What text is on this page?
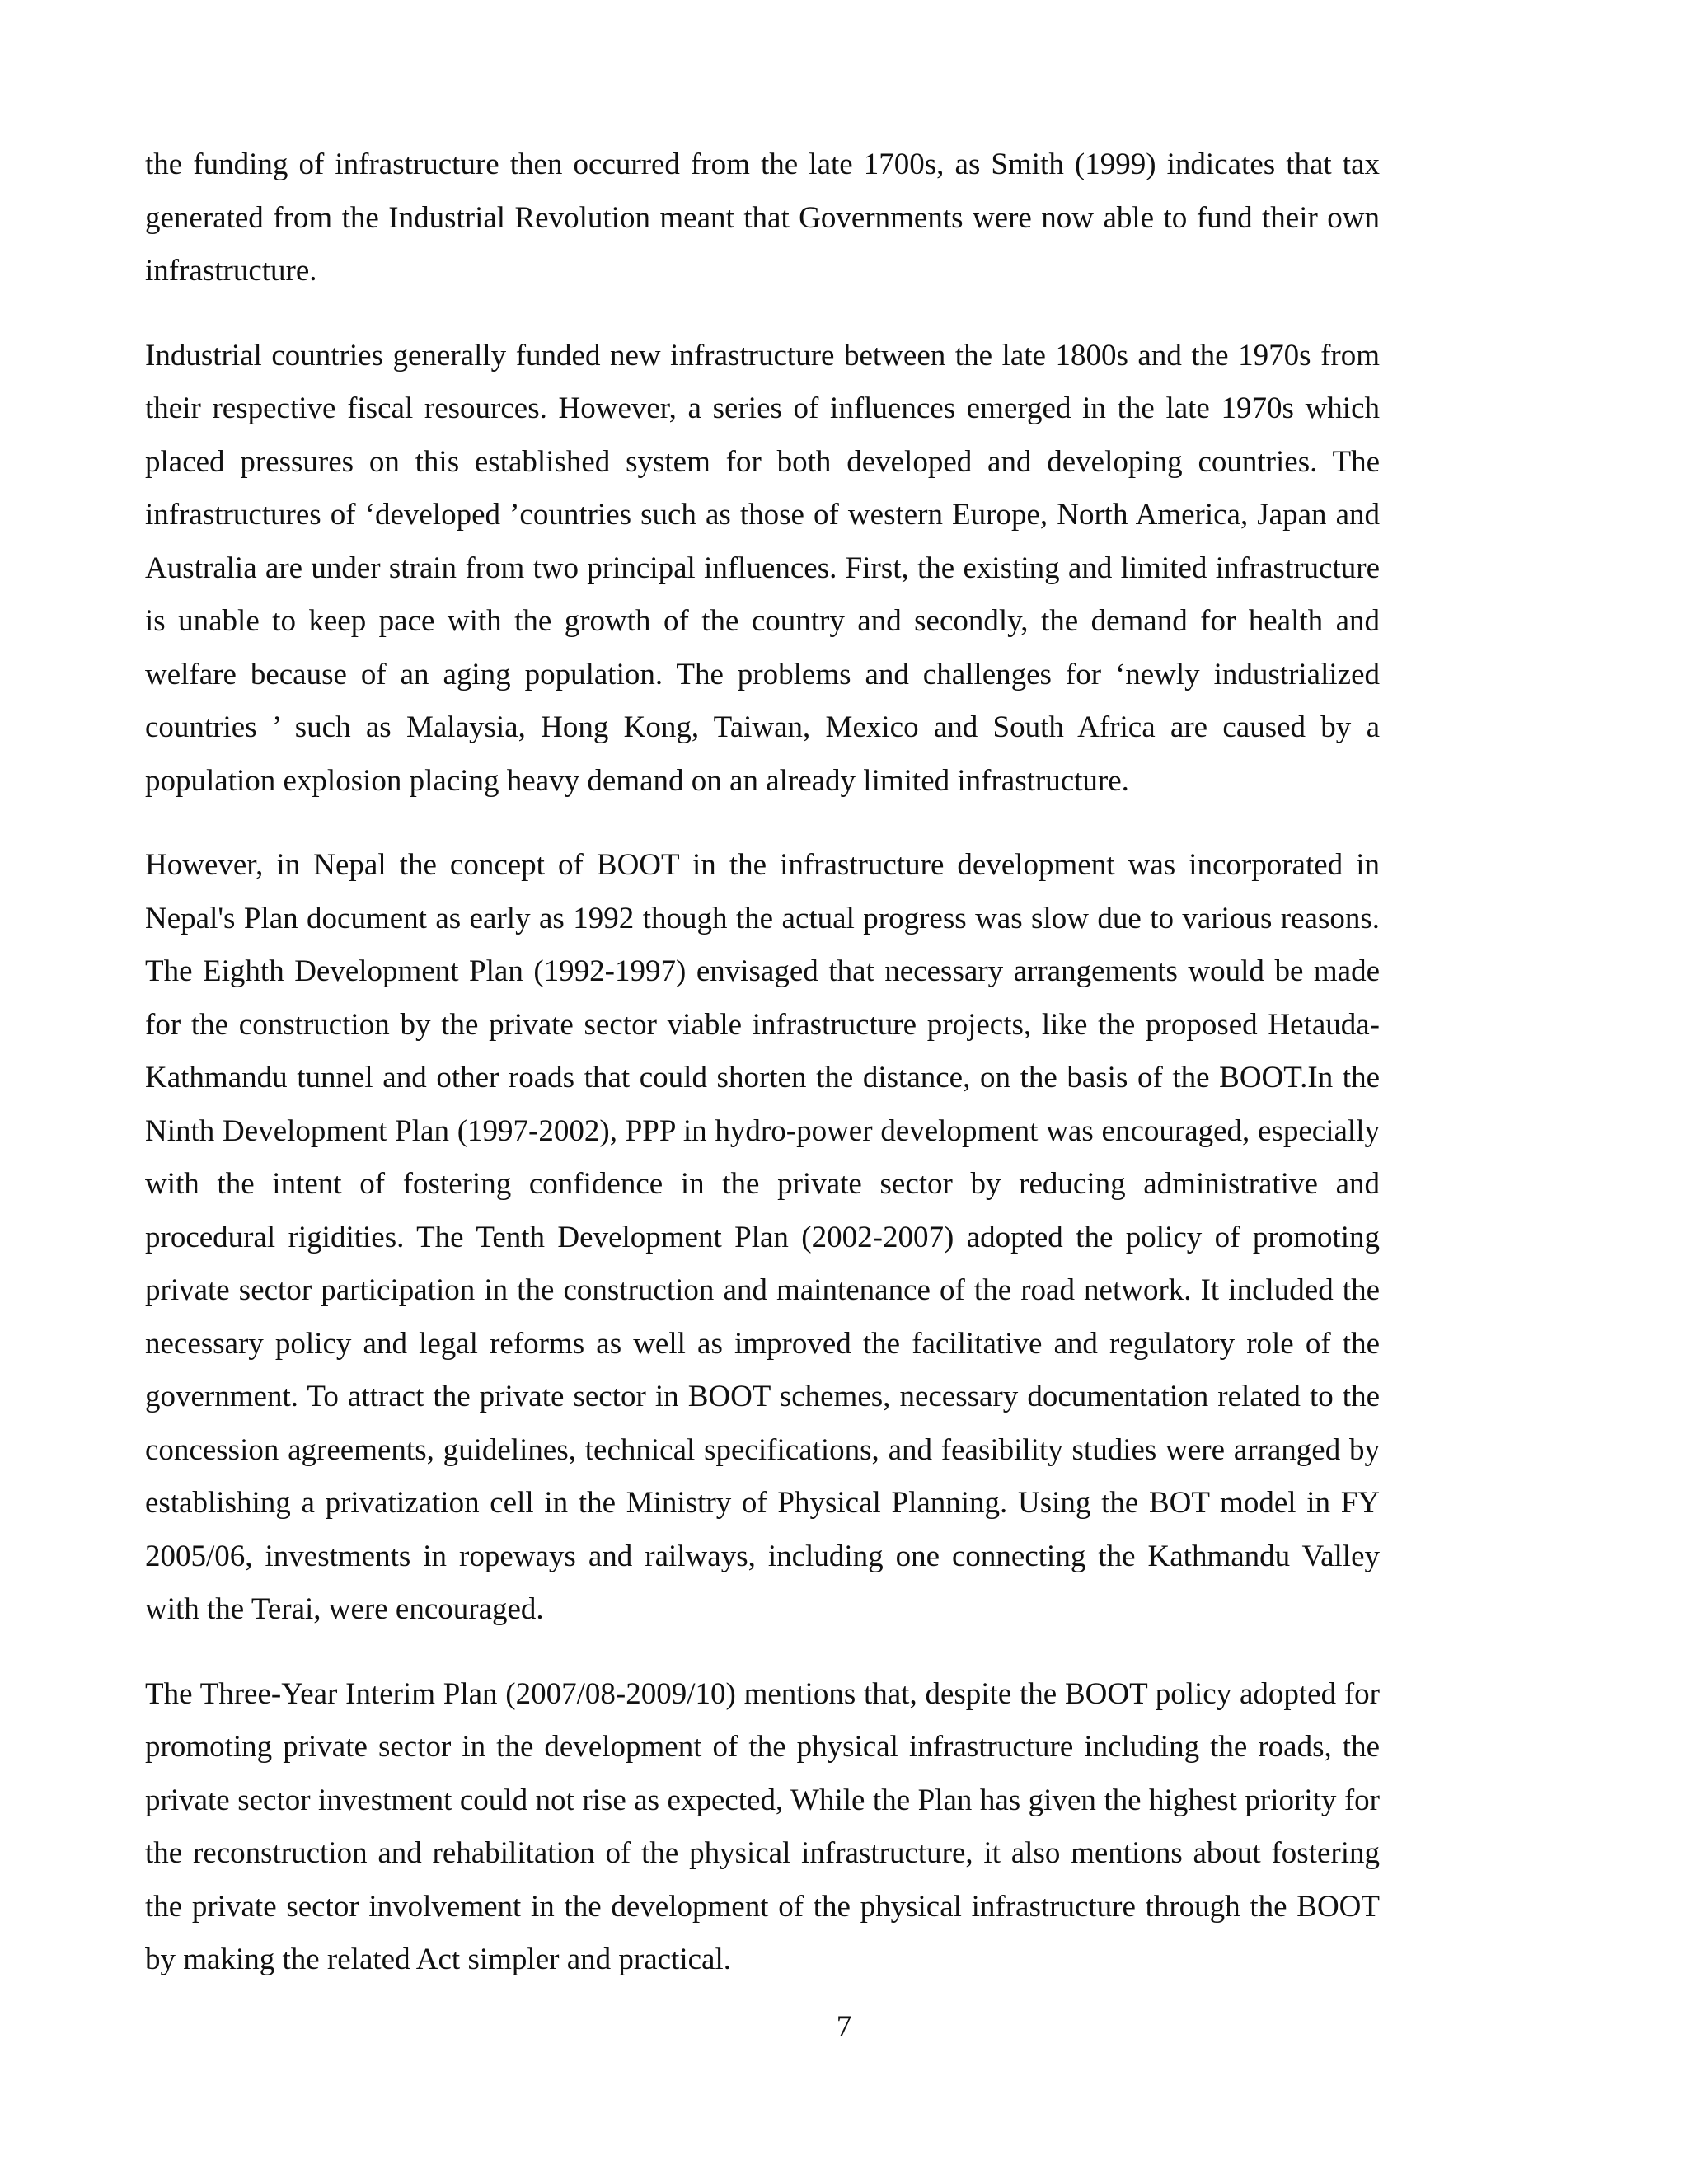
the funding of infrastructure then occurred from the late 1700s, as Smith (1999) indicates that tax generated from the Industrial Revolution meant that Governments were now able to fund their own infrastructure.

Industrial countries generally funded new infrastructure between the late 1800s and the 1970s from their respective fiscal resources. However, a series of influences emerged in the late 1970s which placed pressures on this established system for both developed and developing countries. The infrastructures of ‘developed ’countries such as those of western Europe, North America, Japan and Australia are under strain from two principal influences. First, the existing and limited infrastructure is unable to keep pace with the growth of the country and secondly, the demand for health and welfare because of an aging population. The problems and challenges for ‘newly industrialized countries ’ such as Malaysia, Hong Kong, Taiwan, Mexico and South Africa are caused by a population explosion placing heavy demand on an already limited infrastructure.

However, in Nepal the concept of BOOT in the infrastructure development was incorporated in Nepal's Plan document as early as 1992 though the actual progress was slow due to various reasons. The Eighth Development Plan (1992-1997) envisaged that necessary arrangements would be made for the construction by the private sector viable infrastructure projects, like the proposed Hetauda-Kathmandu tunnel and other roads that could shorten the distance, on the basis of the BOOT.In the Ninth Development Plan (1997-2002), PPP in hydro-power development was encouraged, especially with the intent of fostering confidence in the private sector by reducing administrative and procedural rigidities. The Tenth Development Plan (2002-2007) adopted the policy of promoting private sector participation in the construction and maintenance of the road network. It included the necessary policy and legal reforms as well as improved the facilitative and regulatory role of the government. To attract the private sector in BOOT schemes, necessary documentation related to the concession agreements, guidelines, technical specifications, and feasibility studies were arranged by establishing a privatization cell in the Ministry of Physical Planning. Using the BOT model in FY 2005/06, investments in ropeways and railways, including one connecting the Kathmandu Valley with the Terai, were encouraged.

The Three-Year Interim Plan (2007/08-2009/10) mentions that, despite the BOOT policy adopted for promoting private sector in the development of the physical infrastructure including the roads, the private sector investment could not rise as expected, While the Plan has given the highest priority for the reconstruction and rehabilitation of the physical infrastructure, it also mentions about fostering the private sector involvement in the development of the physical infrastructure through the BOOT by making the related Act simpler and practical.

7
